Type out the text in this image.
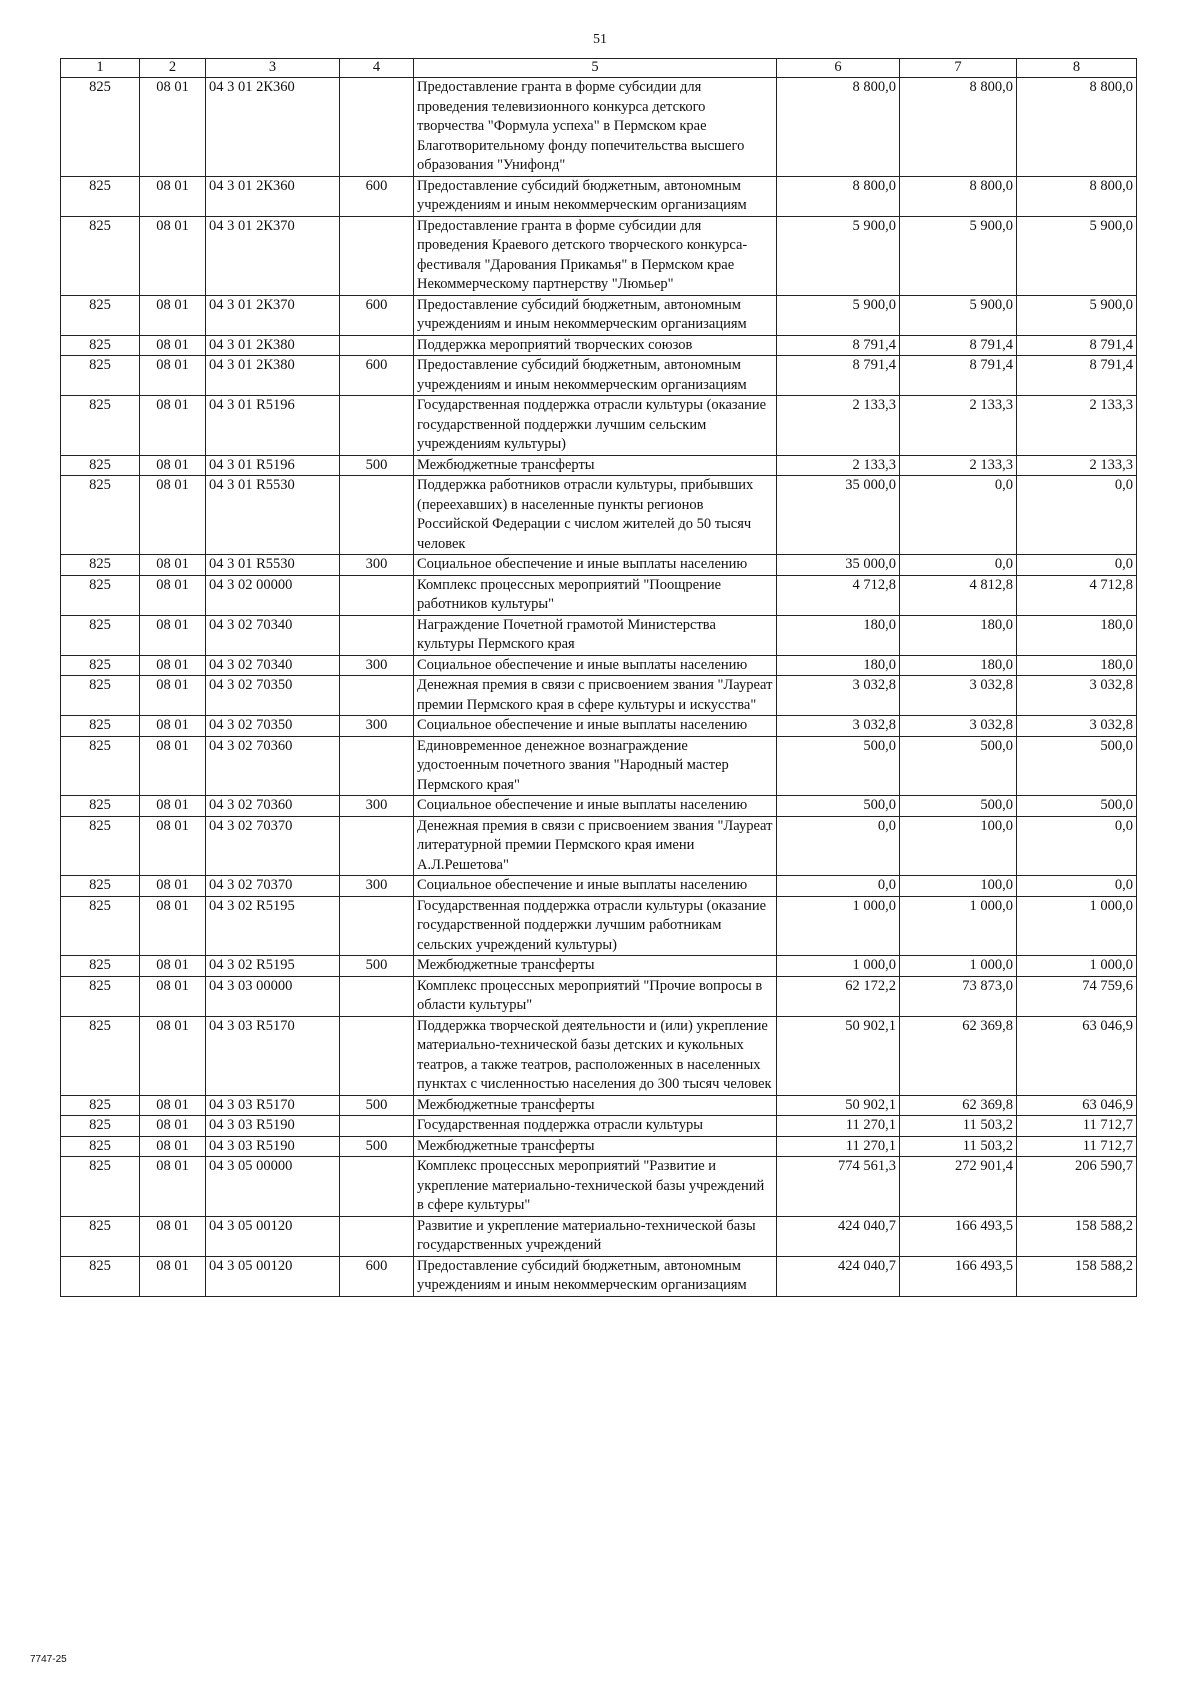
51
1	2	3	4	5	6	7	8
825	08 01	04 3 01 2К360		Предоставление гранта в форме субсидии для проведения телевизионного конкурса детского творчества "Формула успеха" в Пермском крае Благотворительному фонду попечительства высшего образования "Унифонд"	8 800,0	8 800,0	8 800,0
825	08 01	04 3 01 2К360	600	Предоставление субсидий бюджетным, автономным учреждениям и иным некоммерческим организациям	8 800,0	8 800,0	8 800,0
825	08 01	04 3 01 2К370		Предоставление гранта в форме субсидии для проведения Краевого детского творческого конкурса-фестиваля "Дарования Прикамья" в Пермском крае Некоммерческому партнерству "Люмьер"	5 900,0	5 900,0	5 900,0
825	08 01	04 3 01 2К370	600	Предоставление субсидий бюджетным, автономным учреждениям и иным некоммерческим организациям	5 900,0	5 900,0	5 900,0
825	08 01	04 3 01 2К380		Поддержка мероприятий творческих союзов	8 791,4	8 791,4	8 791,4
825	08 01	04 3 01 2К380	600	Предоставление субсидий бюджетным, автономным учреждениям и иным некоммерческим организациям	8 791,4	8 791,4	8 791,4
825	08 01	04 3 01 R5196		Государственная поддержка отрасли культуры (оказание государственной поддержки лучшим сельским учреждениям культуры)	2 133,3	2 133,3	2 133,3
825	08 01	04 3 01 R5196	500	Межбюджетные трансферты	2 133,3	2 133,3	2 133,3
825	08 01	04 3 01 R5530		Поддержка работников отрасли культуры, прибывших (переехавших) в населенные пункты регионов Российской Федерации с числом жителей до 50 тысяч человек	35 000,0	0,0	0,0
825	08 01	04 3 01 R5530	300	Социальное обеспечение и иные выплаты населению	35 000,0	0,0	0,0
825	08 01	04 3 02 00000		Комплекс процессных мероприятий "Поощрение работников культуры"	4 712,8	4 812,8	4 712,8
825	08 01	04 3 02 70340		Награждение Почетной грамотой Министерства культуры Пермского края	180,0	180,0	180,0
825	08 01	04 3 02 70340	300	Социальное обеспечение и иные выплаты населению	180,0	180,0	180,0
825	08 01	04 3 02 70350		Денежная премия в связи с присвоением звания "Лауреат премии Пермского края в сфере культуры и искусства"	3 032,8	3 032,8	3 032,8
825	08 01	04 3 02 70350	300	Социальное обеспечение и иные выплаты населению	3 032,8	3 032,8	3 032,8
825	08 01	04 3 02 70360		Единовременное денежное вознаграждение удостоенным почетного звания "Народный мастер Пермского края"	500,0	500,0	500,0
825	08 01	04 3 02 70360	300	Социальное обеспечение и иные выплаты населению	500,0	500,0	500,0
825	08 01	04 3 02 70370		Денежная премия в связи с присвоением звания "Лауреат литературной премии Пермского края имени А.Л.Решетова"	0,0	100,0	0,0
825	08 01	04 3 02 70370	300	Социальное обеспечение и иные выплаты населению	0,0	100,0	0,0
825	08 01	04 3 02 R5195		Государственная поддержка отрасли культуры (оказание государственной поддержки лучшим работникам сельских учреждений культуры)	1 000,0	1 000,0	1 000,0
825	08 01	04 3 02 R5195	500	Межбюджетные трансферты	1 000,0	1 000,0	1 000,0
825	08 01	04 3 03 00000		Комплекс процессных мероприятий "Прочие вопросы в области культуры"	62 172,2	73 873,0	74 759,6
825	08 01	04 3 03 R5170		Поддержка творческой деятельности и (или) укрепление материально-технической базы детских и кукольных театров, а также театров, расположенных в населенных пунктах с численностью населения до 300 тысяч человек	50 902,1	62 369,8	63 046,9
825	08 01	04 3 03 R5170	500	Межбюджетные трансферты	50 902,1	62 369,8	63 046,9
825	08 01	04 3 03 R5190		Государственная поддержка отрасли культуры	11 270,1	11 503,2	11 712,7
825	08 01	04 3 03 R5190	500	Межбюджетные трансферты	11 270,1	11 503,2	11 712,7
825	08 01	04 3 05 00000		Комплекс процессных мероприятий "Развитие и укрепление материально-технической базы учреждений в сфере культуры"	774 561,3	272 901,4	206 590,7
825	08 01	04 3 05 00120		Развитие и укрепление материально-технической базы государственных учреждений	424 040,7	166 493,5	158 588,2
825	08 01	04 3 05 00120	600	Предоставление субсидий бюджетным, автономным учреждениям и иным некоммерческим организациям	424 040,7	166 493,5	158 588,2
7747-25
